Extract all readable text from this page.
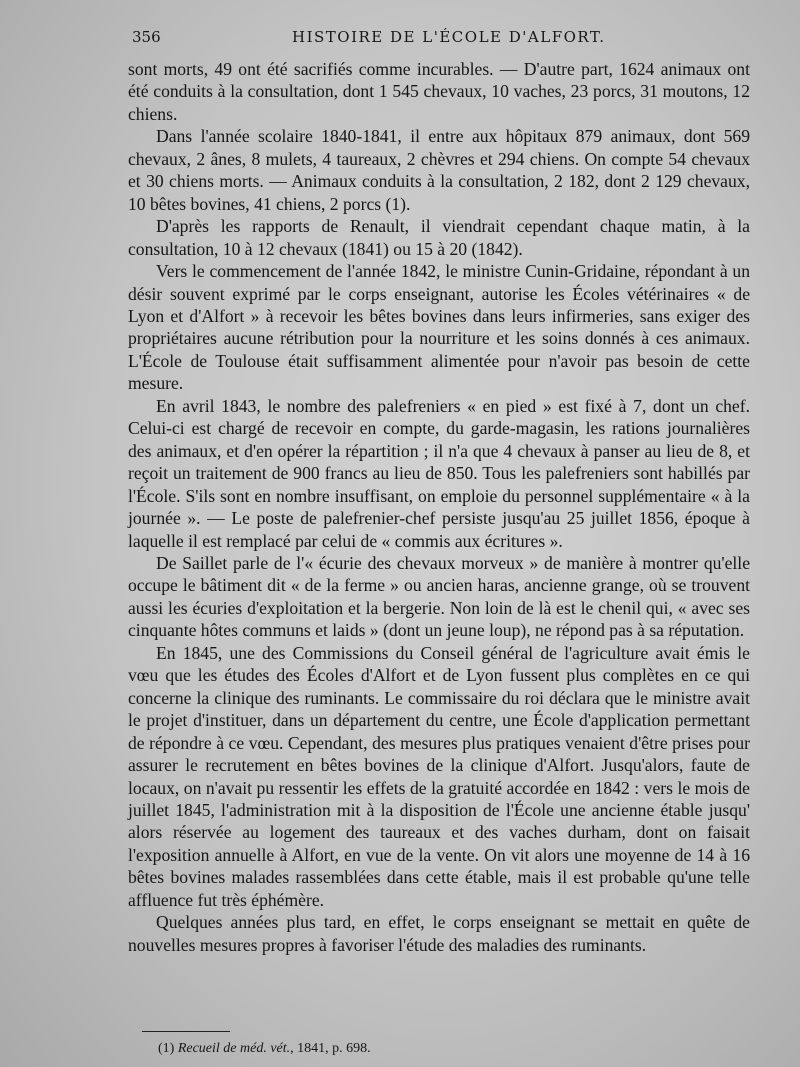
356	HISTOIRE DE L'ÉCOLE D'ALFORT.

sont morts, 49 ont été sacrifiés comme incurables. — D'autre part, 1624 animaux ont été conduits à la consultation, dont 1 545 chevaux, 10 vaches, 23 porcs, 31 moutons, 12 chiens.

Dans l'année scolaire 1840-1841, il entre aux hôpitaux 879 animaux, dont 569 chevaux, 2 ânes, 8 mulets, 4 taureaux, 2 chèvres et 294 chiens. On compte 54 chevaux et 30 chiens morts. — Animaux conduits à la consultation, 2 182, dont 2 129 chevaux, 10 bêtes bovines, 41 chiens, 2 porcs (1).

D'après les rapports de Renault, il viendrait cependant chaque matin, à la consultation, 10 à 12 chevaux (1841) ou 15 à 20 (1842).

Vers le commencement de l'année 1842, le ministre Cunin-Gridaine, répondant à un désir souvent exprimé par le corps enseignant, autorise les Écoles vétérinaires « de Lyon et d'Alfort » à recevoir les bêtes bovines dans leurs infirmeries, sans exiger des propriétaires aucune rétribution pour la nourriture et les soins donnés à ces animaux. L'École de Toulouse était suffisamment alimentée pour n'avoir pas besoin de cette mesure.

En avril 1843, le nombre des palefreniers « en pied » est fixé à 7, dont un chef. Celui-ci est chargé de recevoir en compte, du garde-magasin, les rations journalières des animaux, et d'en opérer la répartition ; il n'a que 4 chevaux à panser au lieu de 8, et reçoit un traitement de 900 francs au lieu de 850. Tous les palefreniers sont habillés par l'École. S'ils sont en nombre insuffisant, on emploie du personnel supplémentaire « à la journée ». — Le poste de palefrenier-chef persiste jusqu'au 25 juillet 1856, époque à laquelle il est remplacé par celui de « commis aux écritures ».

De Saillet parle de l'« écurie des chevaux morveux » de manière à montrer qu'elle occupe le bâtiment dit « de la ferme » ou ancien haras, ancienne grange, où se trouvent aussi les écuries d'exploitation et la bergerie. Non loin de là est le chenil qui, « avec ses cinquante hôtes communs et laids » (dont un jeune loup), ne répond pas à sa réputation.

En 1845, une des Commissions du Conseil général de l'agriculture avait émis le vœu que les études des Écoles d'Alfort et de Lyon fussent plus complètes en ce qui concerne la clinique des ruminants. Le commissaire du roi déclara que le ministre avait le projet d'instituer, dans un département du centre, une École d'application permettant de répondre à ce vœu. Cependant, des mesures plus pratiques venaient d'être prises pour assurer le recrutement en bêtes bovines de la clinique d'Alfort. Jusqu'alors, faute de locaux, on n'avait pu ressentir les effets de la gratuité accordée en 1842 : vers le mois de juillet 1845, l'administration mit à la disposition de l'École une ancienne étable jusqu' alors réservée au logement des taureaux et des vaches durham, dont on faisait l'exposition annuelle à Alfort, en vue de la vente. On vit alors une moyenne de 14 à 16 bêtes bovines malades rassemblées dans cette étable, mais il est probable qu'une telle affluence fut très éphémère.

Quelques années plus tard, en effet, le corps enseignant se mettait en quête de nouvelles mesures propres à favoriser l'étude des maladies des ruminants.

(1) Recueil de méd. vét., 1841, p. 698.
